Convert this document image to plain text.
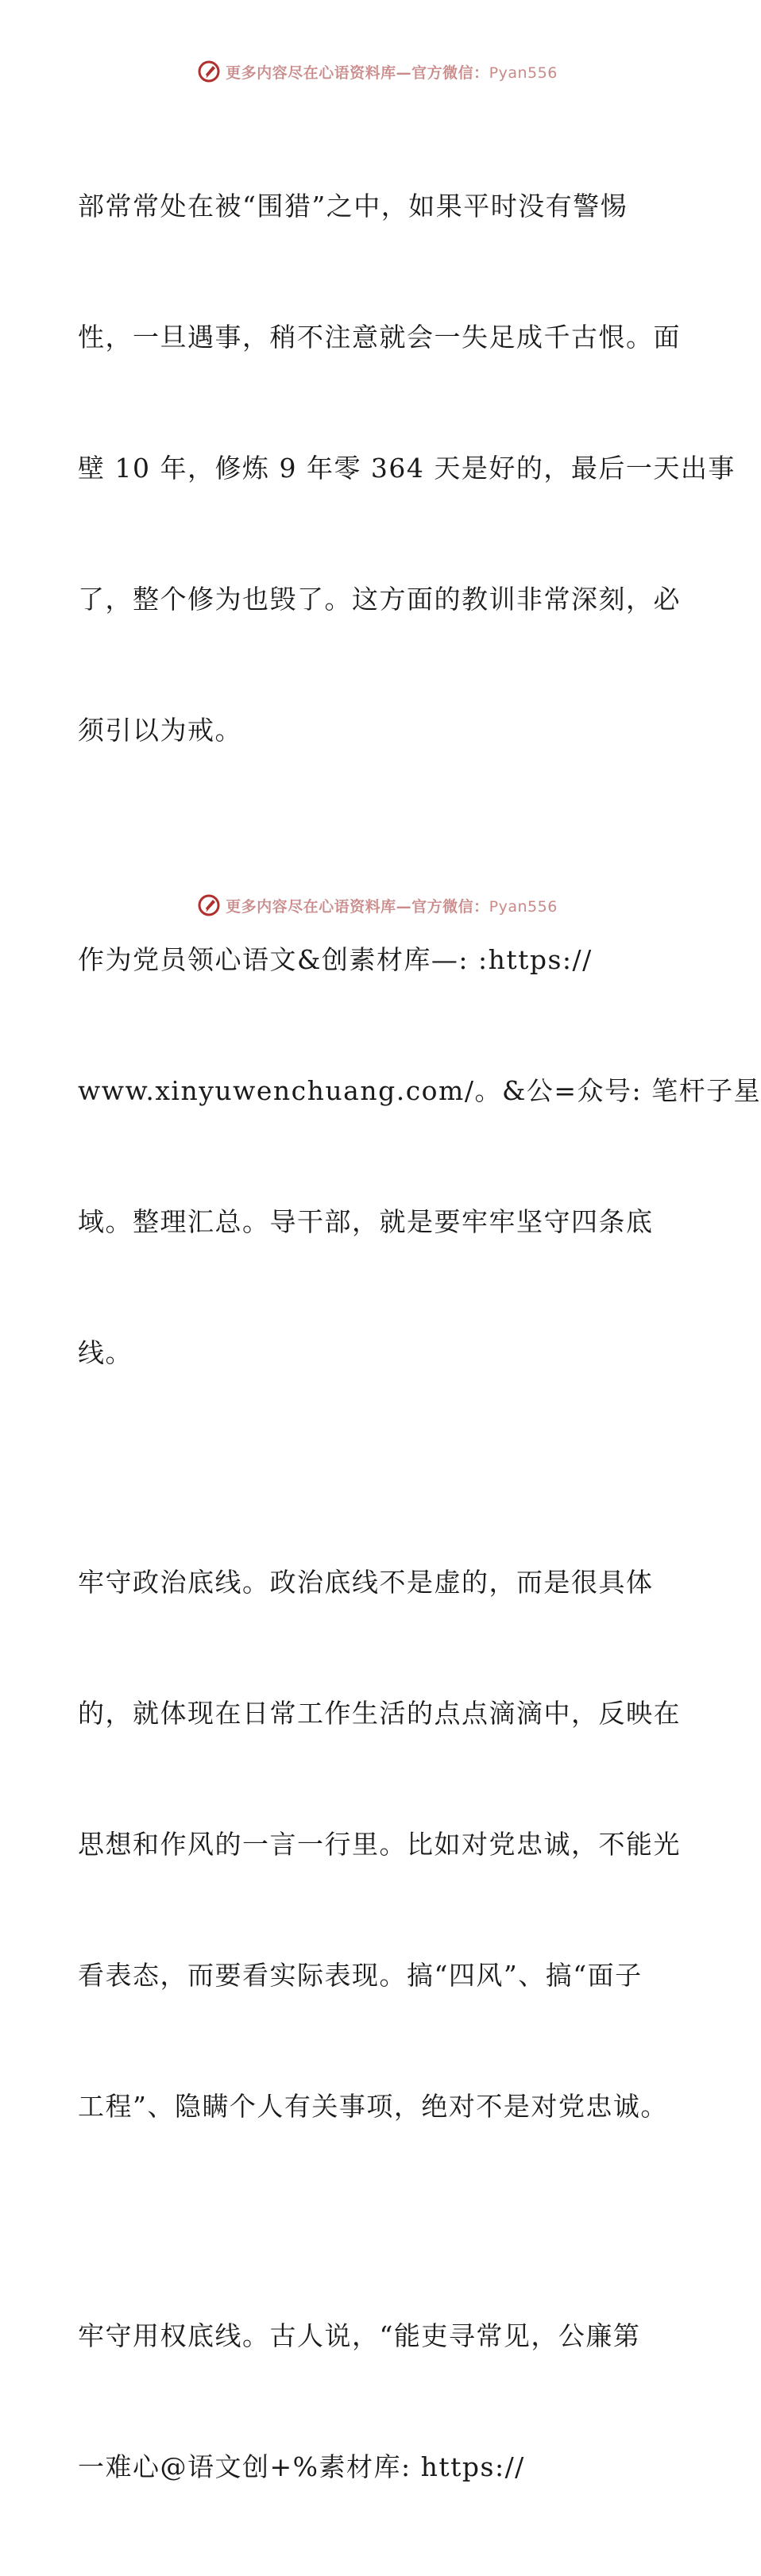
更多内容尽在心语资料库—官方微信：Pyan556

部常常处在被“围猎”之中，如果平时没有警惕

性，一旦遇事，稍不注意就会一失足成千古恨。面

壁 10 年，修炼 9 年零 364 天是好的，最后一天出事

了，整个修为也毁了。这方面的教训非常深刻，必

须引以为戒。

作为党员领心语文&创素材库—: :https://

www.xinyuwenchuang.com/。&公=众号: 笔杆子星

域。整理汇总。导干部，就是要牢牢坚守四条底

线。

牢守政治底线。政治底线不是虚的，而是很具体

的，就体现在日常工作生活的点点滴滴中，反映在

思想和作风的一言一行里。比如对党忠诚，不能光

看表态，而要看实际表现。搞“四风”、搞“面子

工程”、隐瞒个人有关事项，绝对不是对党忠诚。

牢守用权底线。古人说，“能吏寻常见，公廉第

一难心@语文创+%素材库: https://

更多内容尽在心语资料库—官方微信：Pyan556
